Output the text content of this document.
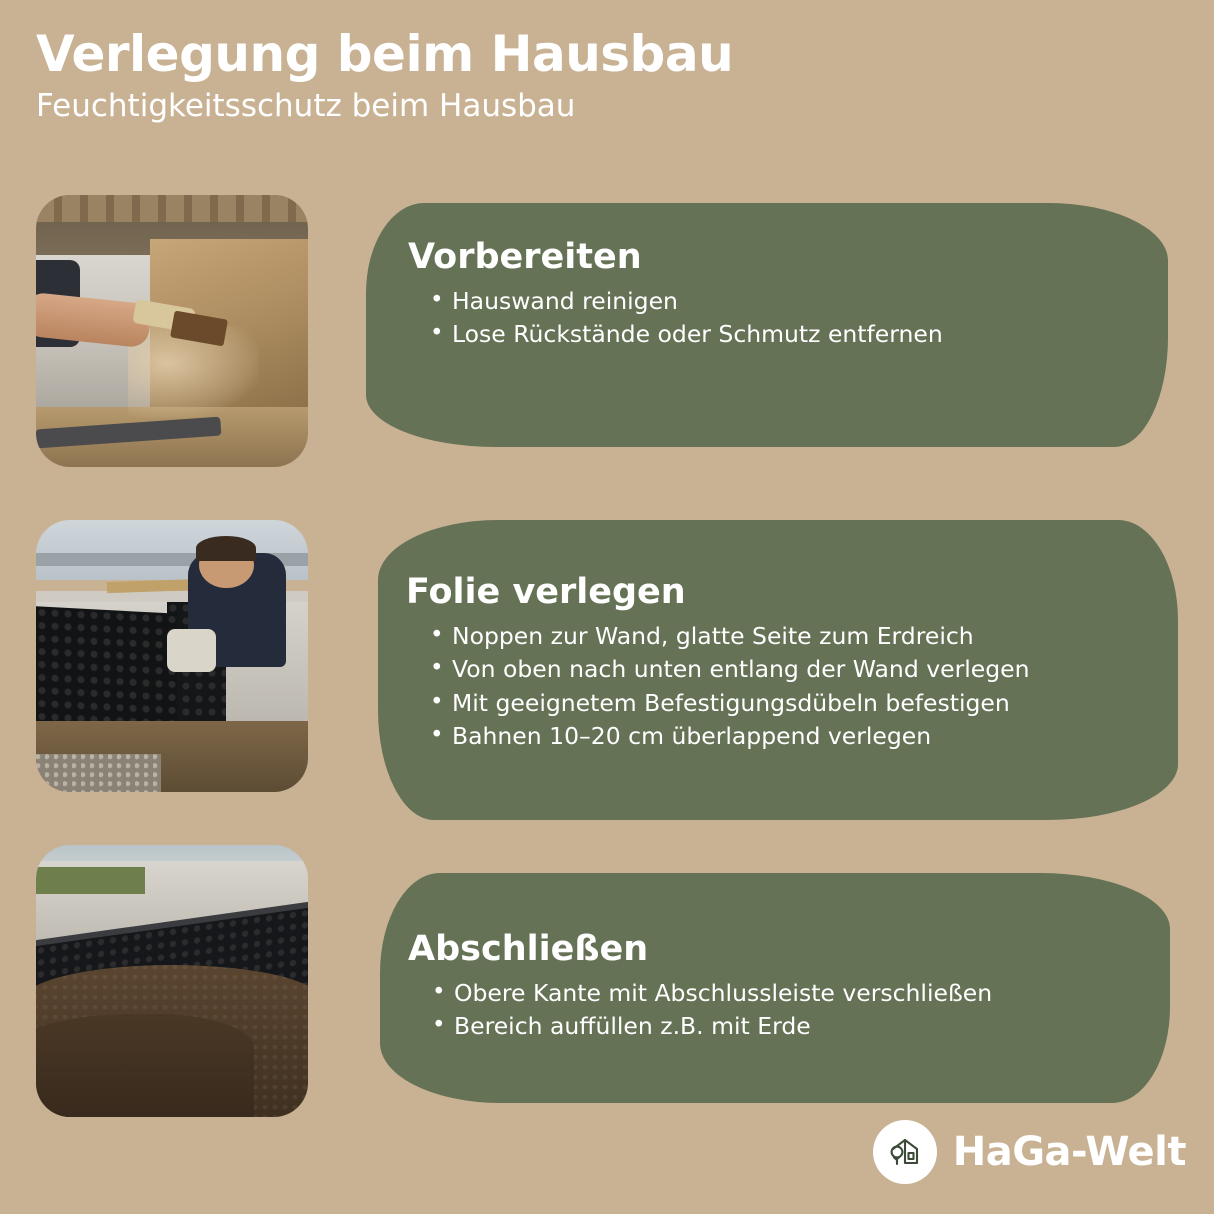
Verlegung beim Hausbau
Feuchtigkeitsschutz beim Hausbau
Vorbereiten
• Hauswand reinigen
• Lose Rückstände oder Schmutz entfernen
Folie verlegen
• Noppen zur Wand, glatte Seite zum Erdreich
• Von oben nach unten entlang der Wand verlegen
• Mit geeignetem Befestigungsdübeln befestigen
• Bahnen 10–20 cm überlappend verlegen
Abschließen
• Obere Kante mit Abschlussleiste verschließen
• Bereich auffüllen z.B. mit Erde
HaGa-Welt
